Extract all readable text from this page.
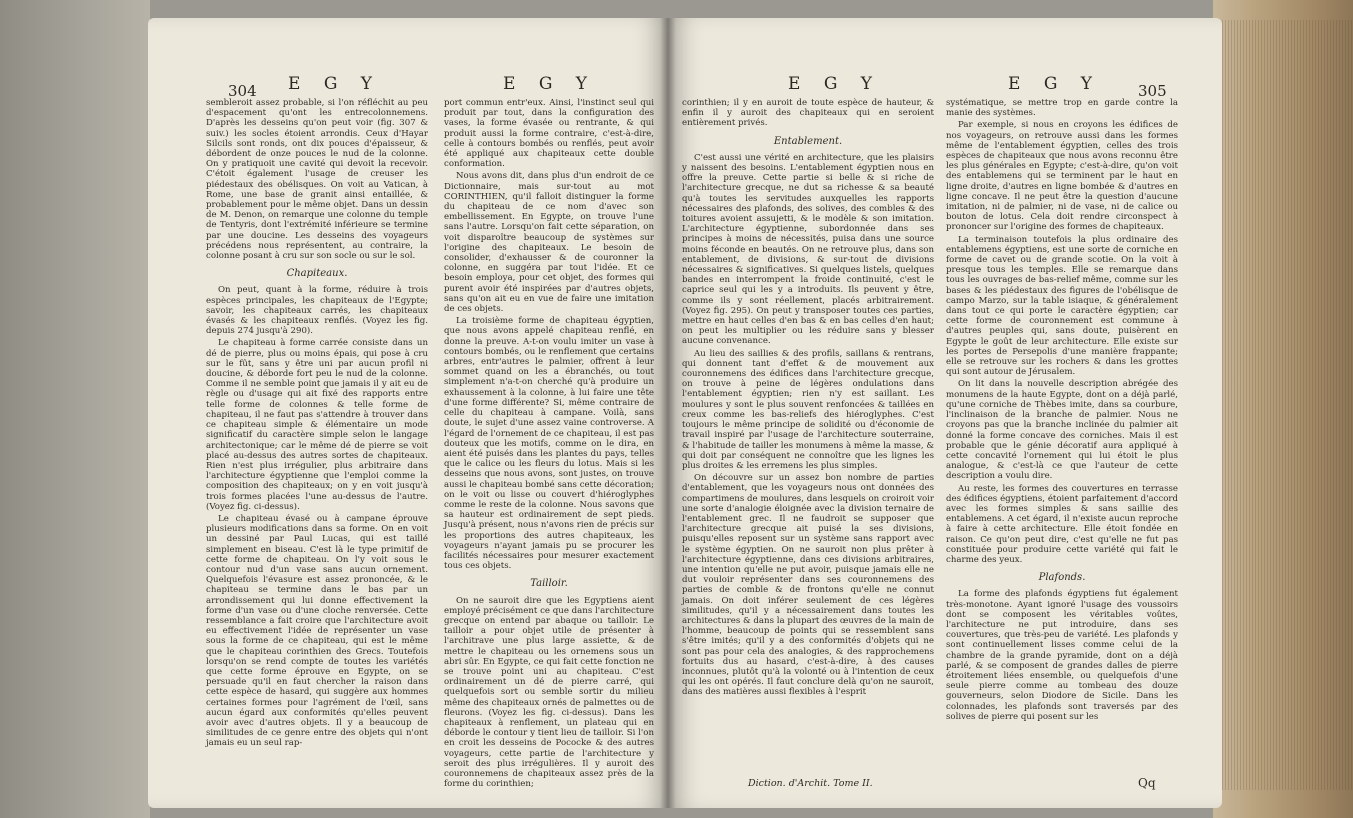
304 E G Y	E G Y

sembleroit assez probable, si l'on réfléchit au peu d'espacement qu'ont les entrecolonnemens. D'après les desseins qu'on peut voir (fig. 307 & suiv.) les socles étoient arrondis. Ceux d'Hayar Silcils sont ronds, ont dix pouces d'épaisseur, & débordent de onze pouces le nud de la colonne. On y pratiquoit une cavité qui devoit la recevoir. C'étoit également l'usage de creuser les piédestaux des obélisques. On voit au Vatican, à Rome, une base de granit ainsi entaillée, & probablement pour le même objet. Dans un dessin de M. Denon, on remarque une colonne du temple de Tentyris, dont l'extrémité inférieure se termine par une doucine. Les desseins des voyageurs précédens nous représentent, au contraire, la colonne posant à cru sur son socle ou sur le sol.

Chapiteaux.

On peut, quant à la forme, réduire à trois espèces principales, les chapiteaux de l'Egypte; savoir, les chapiteaux carrés, les chapiteaux évasés & les chapiteaux renflés. (Voyez les fig. depuis 274 jusqu'à 290).

Le chapiteau à forme carrée consiste dans un dé de pierre, plus ou moins épais, qui pose à cru sur le fût, sans y être uni par aucun profil ni doucine, & déborde fort peu le nud de la colonne. Comme il ne semble point que jamais il y ait eu de règle ou d'usage qui ait fixé des rapports entre telle forme de colonnes & telle forme de chapiteau, il ne faut pas s'attendre à trouver dans ce chapiteau simple & élémentaire un mode significatif du caractère simple selon le langage architectonique; car le même dé de pierre se voit placé au-dessus des autres sortes de chapiteaux. Rien n'est plus irrégulier, plus arbitraire dans l'architecture égyptienne que l'emploi comme la composition des chapiteaux; on y en voit jusqu'à trois formes placées l'une au-dessus de l'autre. (Voyez fig. ci-dessus).

Le chapiteau évasé ou à campane éprouve plusieurs modifications dans sa forme. On en voit un dessiné par Paul Lucas, qui est taillé simplement en biseau. C'est là le type primitif de cette forme de chapiteau. On l'y voit sous le contour nud d'un vase sans aucun ornement. Quelquefois l'évasure est assez prononcée, & le chapiteau se termine dans le bas par un arrondissement qui lui donne effectivement la forme d'un vase ou d'une cloche renversée. Cette ressemblance a fait croire que l'architecture avoit eu effectivement l'idée de représenter un vase sous la forme de ce chapiteau, qui est le même que le chapiteau corinthien des Grecs. Toutefois lorsqu'on se rend compte de toutes les variétés que cette forme éprouve en Egypte, on se persuade qu'il en faut chercher la raison dans cette espèce de hasard, qui suggère aux hommes certaines formes pour l'agrément de l'œil, sans aucun égard aux conformités qu'elles peuvent avoir avec d'autres objets. Il y a beaucoup de similitudes de ce genre entre des objets qui n'ont jamais eu un seul rap-

port commun entr'eux. Ainsi, l'instinct seul qui produit par tout, dans la configuration des vases, la forme évasée ou rentrante, & qui produit aussi la forme contraire, c'est-à-dire, celle à contours bombés ou renflés, peut avoir été appliqué aux chapiteaux cette double conformation.

Nous avons dit, dans plus d'un endroit de ce Dictionnaire, mais sur-tout au mot CORINTHIEN, qu'il falloit distinguer la forme du chapiteau de ce nom d'avec son embellissement. En Egypte, on trouve l'une sans l'autre. Lorsqu'on fait cette séparation, on voit disparoître beaucoup de systèmes sur l'origine des chapiteaux. Le besoin de consolider, d'exhausser & de couronner la colonne, en suggéra par tout l'idée. Et ce besoin employa, pour cet objet, des formes qui purent avoir été inspirées par d'autres objets, sans qu'on ait eu en vue de faire une imitation de ces objets.

La troisième forme de chapiteau égyptien, que nous avons appelé chapiteau renflé, en donne la preuve. A-t-on voulu imiter un vase à contours bombés, ou le renflement que certains arbres, entr'autres le palmier, offrent à leur sommet quand on les a ébranchés, ou tout simplement n'a-t-on cherché qu'à produire un exhaussement à la colonne, à lui faire une tête d'une forme différente? Si, même contraire de celle du chapiteau à campane. Voilà, sans doute, le sujet d'une assez vaine controverse. A l'égard de l'ornement de ce chapiteau, il est pas douteux que les motifs, comme on le dira, en aient été puisés dans les plantes du pays, telles que le calice ou les fleurs du lotus. Mais si les desseins que nous avons, sont justes, on trouve aussi le chapiteau bombé sans cette décoration; on le voit ou lisse ou couvert d'hiéroglyphes comme le reste de la colonne. Nous savons que sa hauteur est ordinairement de sept pieds. Jusqu'à présent, nous n'avons rien de précis sur les proportions des autres chapiteaux, les voyageurs n'ayant jamais pu se procurer les facilités nécessaires pour mesurer exactement tous ces objets.

Tailloir.

On ne sauroit dire que les Egyptiens aient employé précisément ce que dans l'architecture grecque on entend par abaque ou tailloir. Le tailloir a pour objet utile de présenter à l'architrave une plus large assiette, & de mettre le chapiteau ou les ornemens sous un abri sûr. En Egypte, ce qui fait cette fonction ne se trouve point uni au chapiteau. C'est ordinairement un dé de pierre carré, qui quelquefois sort ou semble sortir du milieu même des chapiteaux ornés de palmettes ou de fleurons. (Voyez les fig. ci-dessus). Dans les chapiteaux à renflement, un plateau qui en déborde le contour y tient lieu de tailloir. Si l'on en croit les desseins de Pococke & des autres voyageurs, cette partie de l'architecture y seroit des plus irrégulières. Il y auroit des couronnemens de chapiteaux assez près de la forme du corinthien;

E G Y	E G Y 305

corinthien; il y en auroit de toute espèce de hauteur, & enfin il y auroit des chapiteaux qui en seroient entièrement privés.

Entablement.

C'est aussi une vérité en architecture, que les plaisirs y naissent des besoins. L'entablement égyptien nous en offre la preuve. Cette partie si belle & si riche de l'architecture grecque, ne dut sa richesse & sa beauté qu'à toutes les servitudes auxquelles les rapports nécessaires des plafonds, des solives, des combles & des toitures avoient assujetti, & le modèle & son imitation. L'architecture égyptienne, subordonnée dans ses principes à moins de nécessités, puisa dans une source moins féconde en beautés. On ne retrouve plus, dans son entablement, de divisions, & sur-tout de divisions nécessaires & significatives. Si quelques listels, quelques bandes en interrompent la froide continuité, c'est le caprice seul qui les y a introduits. Ils peuvent y être, comme ils y sont réellement, placés arbitrairement. (Voyez fig. 295). On peut y transposer toutes ces parties, mettre en haut celles d'en bas & en bas celles d'en haut; on peut les multiplier ou les réduire sans y blesser aucune convenance.

Au lieu des saillies & des profils, saillans & rentrans, qui donnent tant d'effet & de mouvement aux couronnemens des édifices dans l'architecture grecque, on trouve à peine de légères ondulations dans l'entablement égyptien; rien n'y est saillant. Les moulures y sont le plus souvent renfoncées & taillées en creux comme les bas-reliefs des hiéroglyphes. C'est toujours le même principe de solidité ou d'économie de travail inspiré par l'usage de l'architecture souterraine, & l'habitude de tailler les monumens à même la masse, & qui doit par conséquent ne connoître que les lignes les plus droites & les erremens les plus simples.

On découvre sur un assez bon nombre de parties d'entablement, que les voyageurs nous ont données des compartimens de moulures, dans lesquels on croiroit voir une sorte d'analogie éloignée avec la division ternaire de l'entablement grec. Il ne faudroit se supposer que l'architecture grecque ait puisé la ses divisions, puisqu'elles reposent sur un système sans rapport avec le système égyptien. On ne sauroit non plus prêter à l'architecture égyptienne, dans ces divisions arbitraires, une intention qu'elle ne put avoir, puisque jamais elle ne dut vouloir représenter dans ses couronnemens des parties de comble & de frontons qu'elle ne connut jamais. On doit inférer seulement de ces légères similitudes, qu'il y a nécessairement dans toutes les architectures & dans la plupart des œuvres de la main de l'homme, beaucoup de points qui se ressemblent sans s'être imités; qu'il y a des conformités d'objets qui ne sont pas pour cela des analogies, & des rapprochemens fortuits dus au hasard, c'est-à-dire, à des causes inconnues, plutôt qu'à la volonté ou à l'intention de ceux qui les ont opérés. Il faut conclure delà qu'on ne sauroit, dans des matières aussi flexibles à l'esprit

systématique, se mettre trop en garde contre la manie des systèmes.

Par exemple, si nous en croyons les édifices de nos voyageurs, on retrouve aussi dans les formes même de l'entablement égyptien, celles des trois espèces de chapiteaux que nous avons reconnu être les plus générales en Egypte; c'est-à-dire, qu'on voit des entablemens qui se terminent par le haut en ligne droite, d'autres en ligne bombée & d'autres en ligne concave. Il ne peut être la question d'aucune imitation, ni de palmier, ni de vase, ni de calice ou bouton de lotus. Cela doit rendre circonspect à prononcer sur l'origine des formes de chapiteaux.

La terminaison toutefois la plus ordinaire des entablemens égyptiens, est une sorte de corniche en forme de cavet ou de grande scotie. On la voit à presque tous les temples. Elle se remarque dans tous les ouvrages de bas-relief même, comme sur les bases & les piédestaux des figures de l'obélisque de campo Marzo, sur la table isiaque, & généralement dans tout ce qui porte le caractère égyptien; car cette forme de couronnement est commune à d'autres peuples qui, sans doute, puisèrent en Egypte le goût de leur architecture. Elle existe sur les portes de Persepolis d'une manière frappante; elle se retrouve sur les rochers & dans les grottes qui sont autour de Jérusalem.

On lit dans la nouvelle description abrégée des monumens de la haute Egypte, dont on a déjà parlé, qu'une corniche de Thèbes imite, dans sa courbure, l'inclinaison de la branche de palmier. Nous ne croyons pas que la branche inclinée du palmier ait donné la forme concave des corniches. Mais il est probable que le génie décoratif aura appliqué à cette concavité l'ornement qui lui étoit le plus analogue, & c'est-là ce que l'auteur de cette description a voulu dire.

Au reste, les formes des couvertures en terrasse des édifices égyptiens, étoient parfaitement d'accord avec les formes simples & sans saillie des entablemens. A cet égard, il n'existe aucun reproche à faire à cette architecture. Elle étoit fondée en raison. Ce qu'on peut dire, c'est qu'elle ne fut pas constituée pour produire cette variété qui fait le charme des yeux.

Plafonds.

La forme des plafonds égyptiens fut également très-monotone. Ayant ignoré l'usage des voussoirs dont se composent les véritables voûtes, l'architecture ne put introduire, dans ses couvertures, que très-peu de variété. Les plafonds y sont continuellement lisses comme celui de la chambre de la grande pyramide, dont on a déjà parlé, & se composent de grandes dalles de pierre étroitement liées ensemble, ou quelquefois d'une seule pierre comme au tombeau des douze gouverneurs, selon Diodore de Sicile. Dans les colonnades, les plafonds sont traversés par des solives de pierre qui posent sur les

Diction. d'Archit. Tome II.	Qq
